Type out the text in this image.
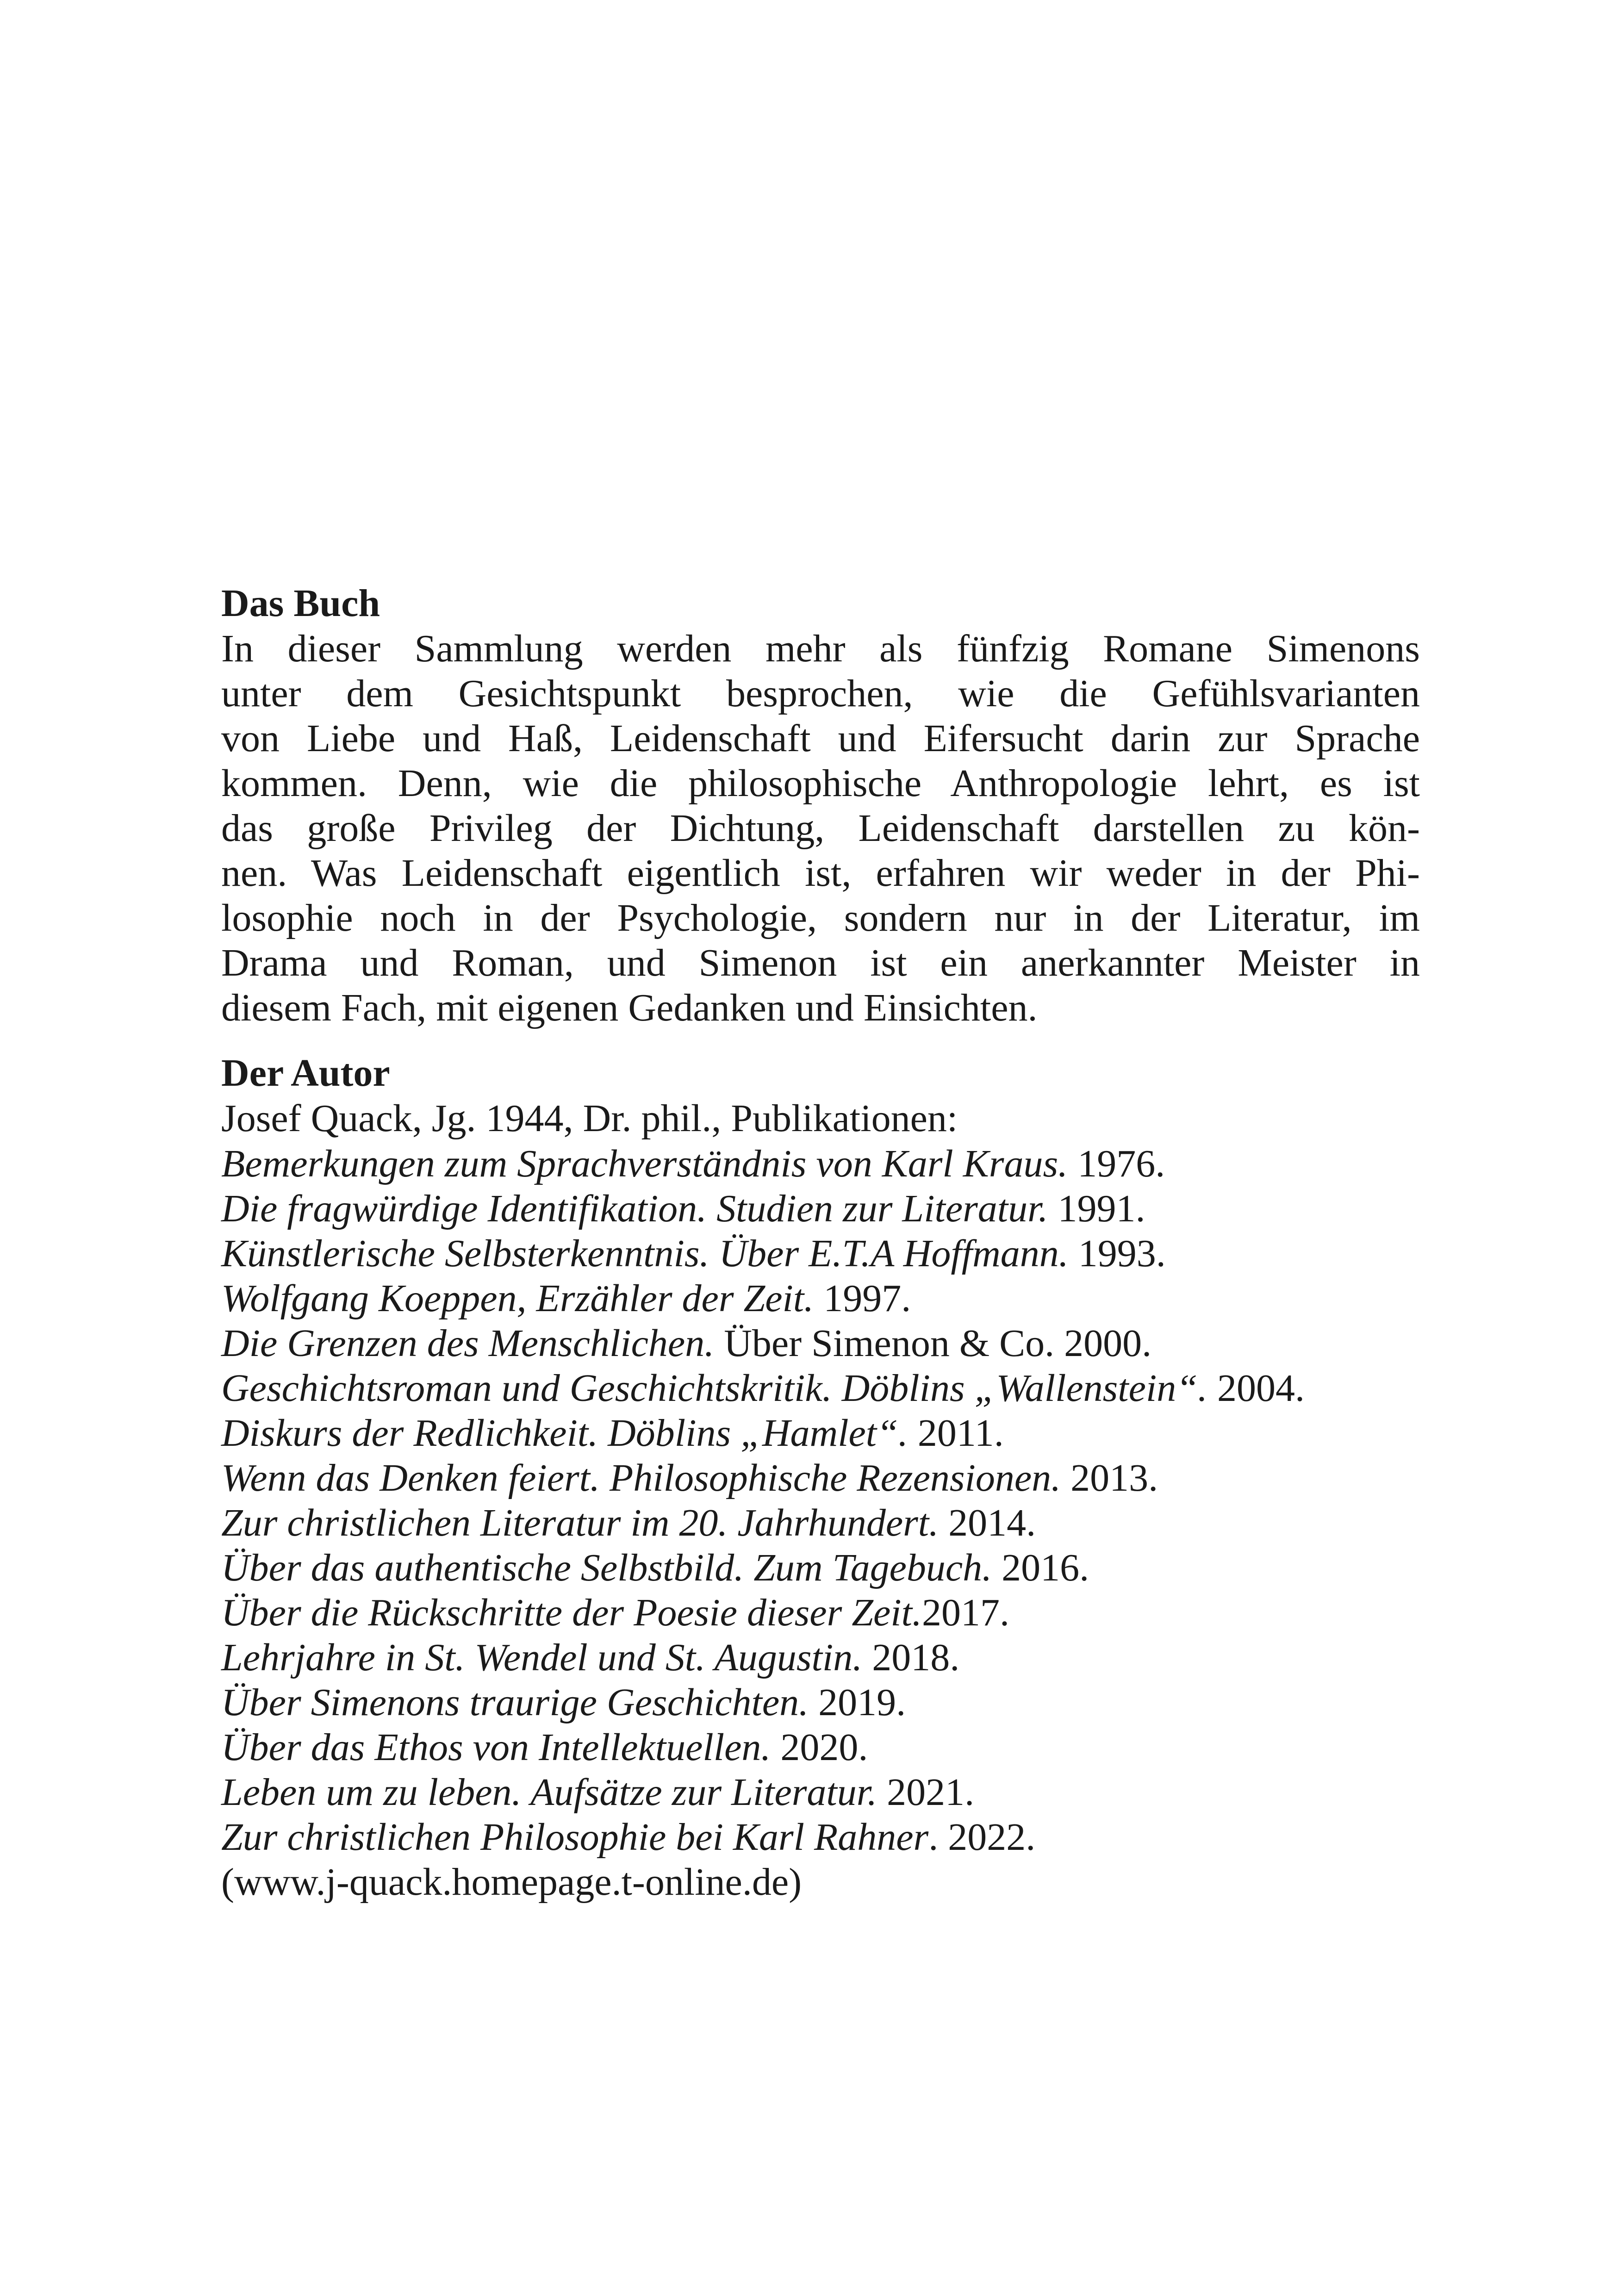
Das Buch
In dieser Sammlung werden mehr als fünfzig Romane Simenons
unter dem Gesichtspunkt besprochen, wie die Gefühlsvarianten
von Liebe und Haß, Leidenschaft und Eifersucht darin zur Sprache
kommen. Denn, wie die philosophische Anthropologie lehrt, es ist
das große Privileg der Dichtung, Leidenschaft darstellen zu kön-
nen. Was Leidenschaft eigentlich ist, erfahren wir weder in der Phi-
losophie noch in der Psychologie, sondern nur in der Literatur, im
Drama und Roman, und Simenon ist ein anerkannter Meister in
diesem Fach, mit eigenen Gedanken und Einsichten.
Der Autor

Josef Quack, Jg. 1944, Dr. phil., Publikationen:

Bemerkungen zum Sprachverständnis von Karl Kraus. 1976.
Die fragwürdige Identifikation. Studien zur Literatur. 1991.
Künstlerische Selbsterkenntnis. Über E.T.A Hoffmann. 1993.
Wolfgang Koeppen, Erzähler der Zeit. 1997.
Die Grenzen des Menschlichen. Über Simenon & Co. 2000.
Geschichtsroman und Geschichtskritik. Döblins „Wallenstein“. 2004.
Diskurs der Redlichkeit. Döblins „Hamlet“. 2011.
Wenn das Denken feiert. Philosophische Rezensionen. 2013.
Zur christlichen Literatur im 20. Jahrhundert. 2014.
Über das authentische Selbstbild. Zum Tagebuch. 2016.
Über die Rückschritte der Poesie dieser Zeit.2017.
Lehrjahre in St. Wendel und St. Augustin. 2018.
Über Simenons traurige Geschichten. 2019.
Über das Ethos von Intellektuellen. 2020.
Leben um zu leben. Aufsätze zur Literatur. 2021.
Zur christlichen Philosophie bei Karl Rahner. 2022.

(www.j-quack.homepage.t-online.de)
